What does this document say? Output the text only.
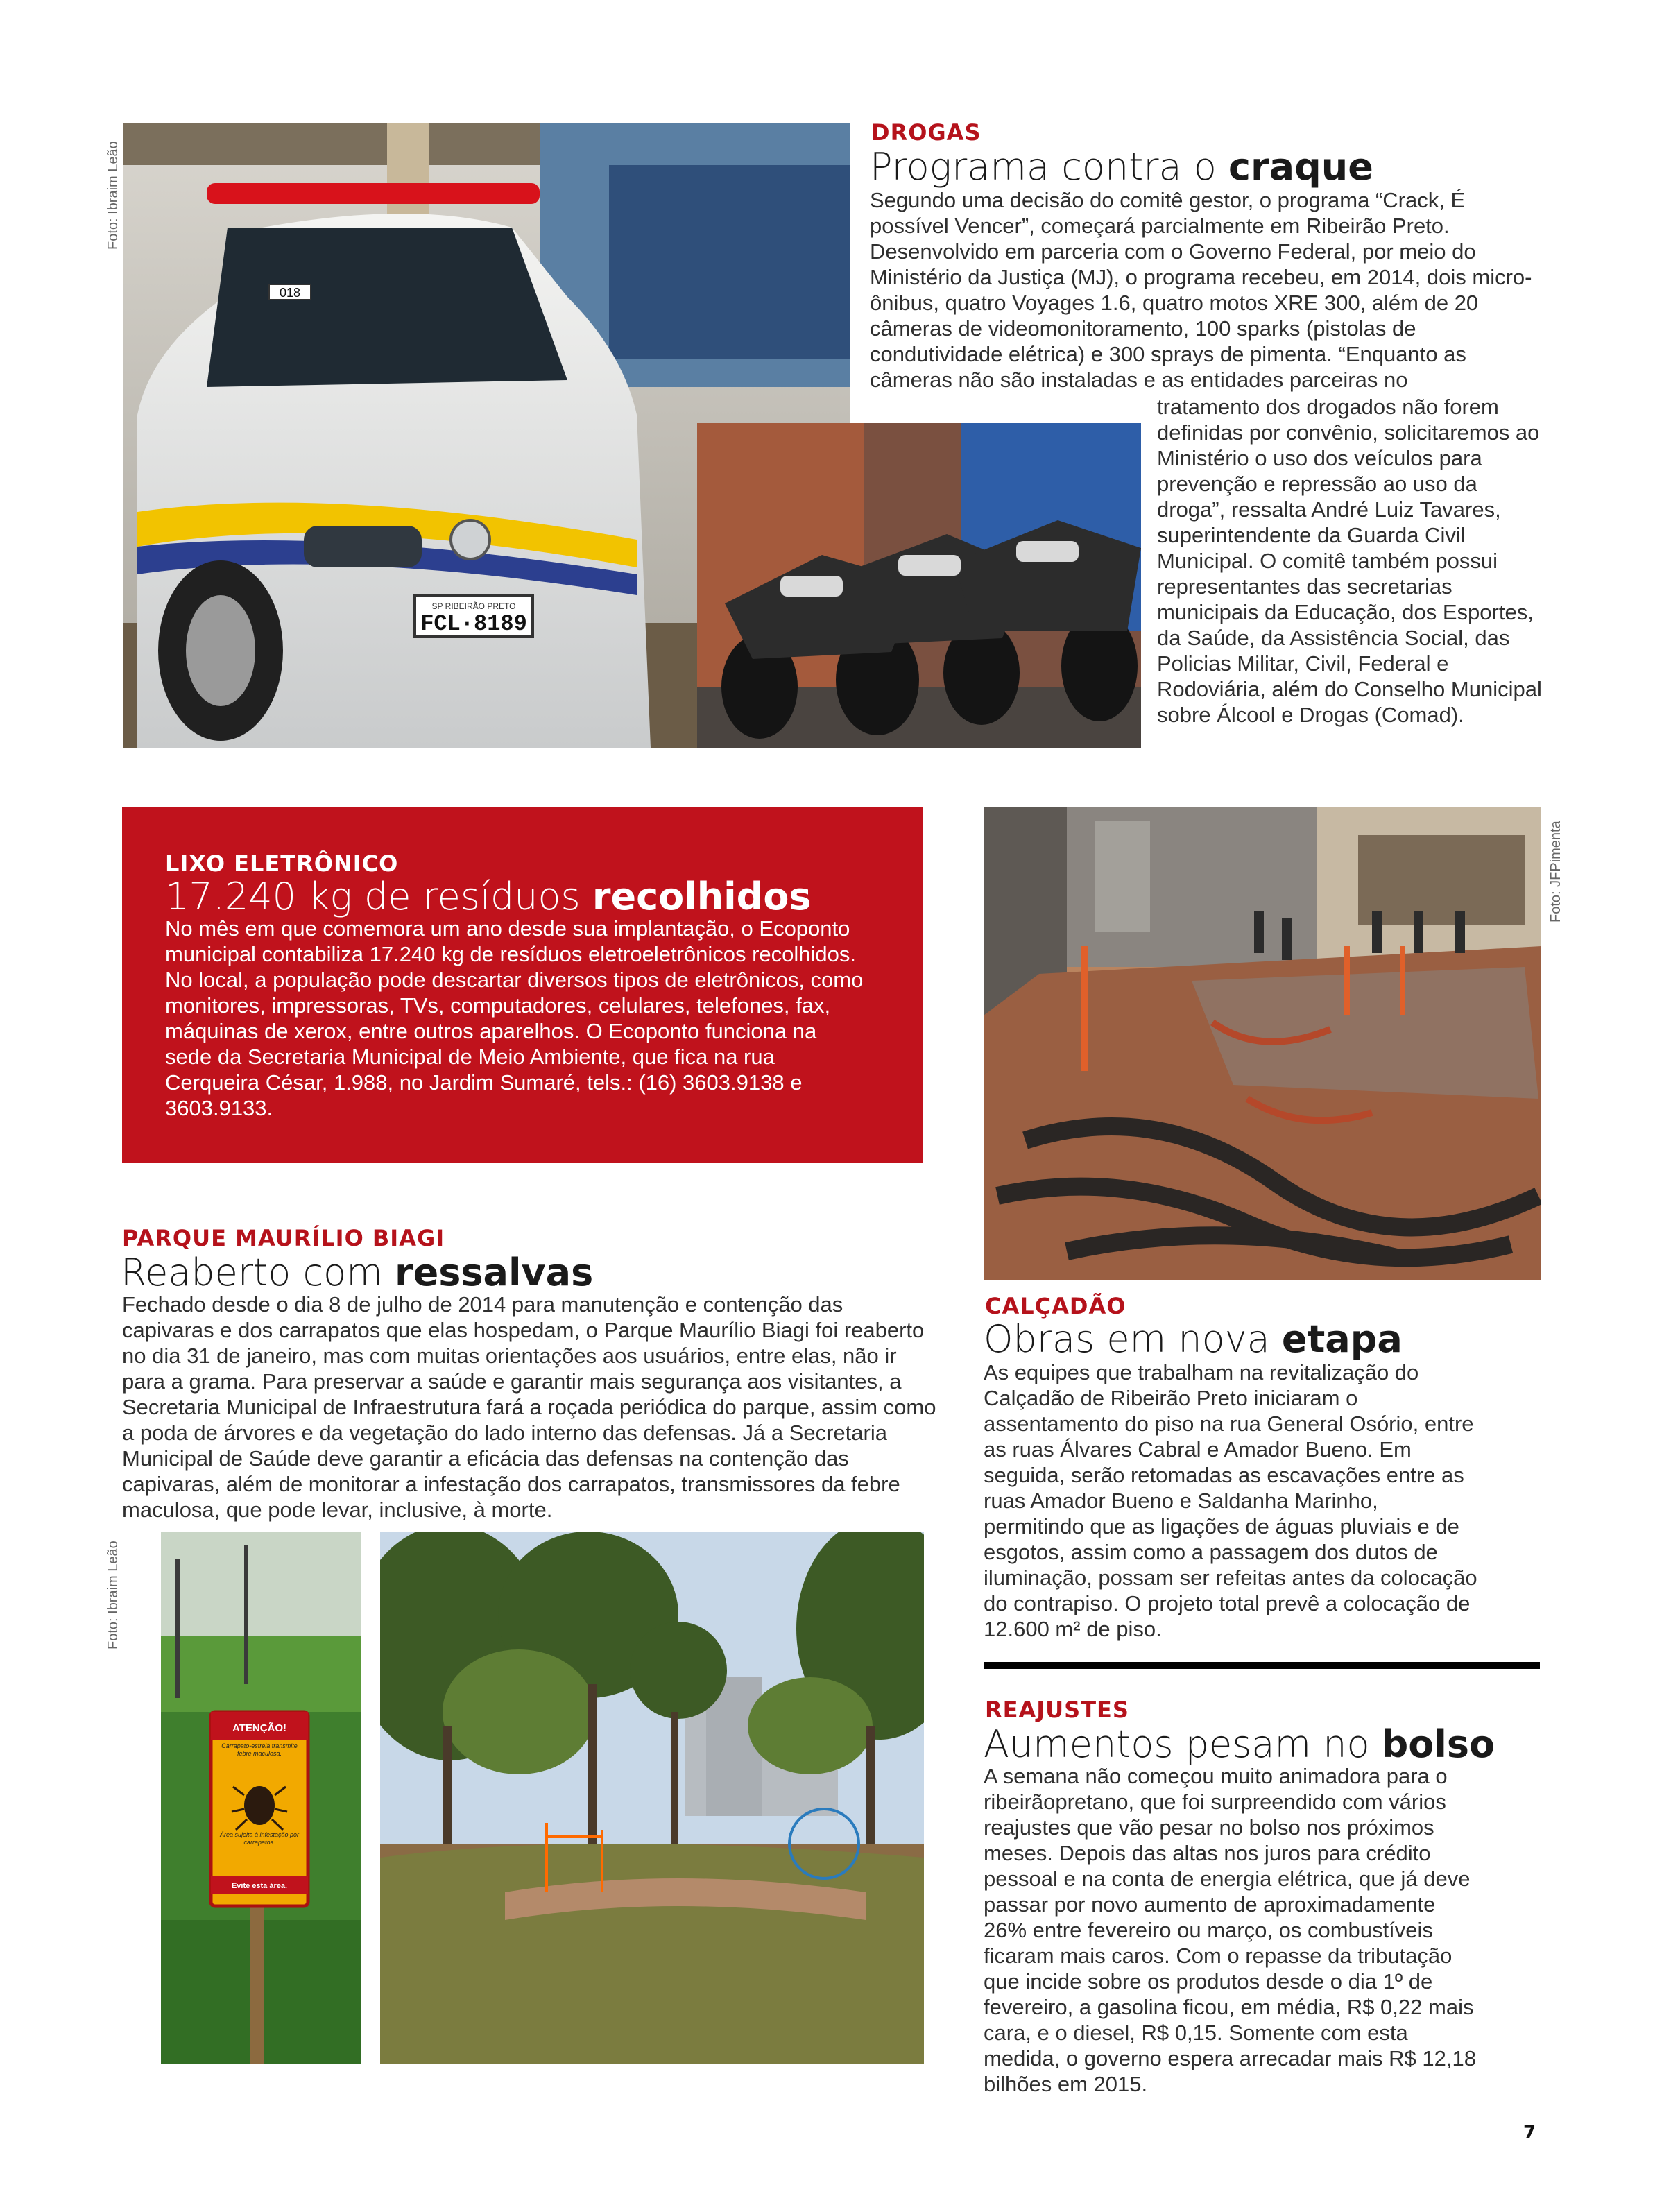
Foto: Ibraim Leão
SP RIBEIRÃO PRETO
FCL·8189
018
DROGAS
Programa contra o craque
Segundo uma decisão do comitê gestor, o programa “Crack, É possível Vencer”, começará parcialmente em Ribeirão Preto. Desenvolvido em parceria com o Governo Federal, por meio do Ministério da Justiça (MJ), o programa recebeu, em 2014, dois micro-ônibus, quatro Voyages 1.6, quatro motos XRE 300, além de 20 câmeras de videomonitoramento, 100 sparks (pistolas de condutividade elétrica) e 300 sprays de pimenta. “Enquanto as câmeras não são instaladas e as entidades parceiras no
tratamento dos drogados não forem definidas por convênio, solicitaremos ao Ministério o uso dos veículos para prevenção e repressão ao uso da droga”, ressalta André Luiz Tavares, superintendente da Guarda Civil Municipal. O comitê também possui representantes das secretarias municipais da Educação, dos Esportes, da Saúde, da Assistência Social, das Policias Militar, Civil, Federal e Rodoviária, além do Conselho Municipal sobre Álcool e Drogas (Comad).
LIXO ELETRÔNICO
17.240 kg de resíduos recolhidos
No mês em que comemora um ano desde sua implantação, o Ecoponto municipal contabiliza 17.240 kg de resíduos eletroeletrônicos recolhidos. No local, a população pode descartar diversos tipos de eletrônicos, como monitores, impressoras, TVs, computadores, celulares, telefones, fax, máquinas de xerox, entre outros aparelhos. O Ecoponto funciona na sede da Secretaria Municipal de Meio Ambiente, que fica na rua Cerqueira César, 1.988, no Jardim Sumaré, tels.: (16) 3603.9138 e 3603.9133.
Foto: JFPimenta
CALÇADÃO
Obras em nova etapa
As equipes que trabalham na revitalização do Calçadão de Ribeirão Preto iniciaram o assentamento do piso na rua General Osório, entre as ruas Álvares Cabral e Amador Bueno. Em seguida, serão retomadas as escavações entre as ruas Amador Bueno e Saldanha Marinho, permitindo que as ligações de águas pluviais e de esgotos, assim como a passagem dos dutos de iluminação, possam ser refeitas antes da colocação do contrapiso. O projeto total prevê a colocação de 12.600 m² de piso.
PARQUE MAURÍLIO BIAGI
Reaberto com ressalvas
Fechado desde o dia 8 de julho de 2014 para manutenção e contenção das capivaras e dos carrapatos que elas hospedam, o Parque Maurílio Biagi foi reaberto no dia 31 de janeiro, mas com muitas orientações aos usuários, entre elas, não ir para a grama. Para preservar a saúde e garantir mais segurança aos visitantes, a Secretaria Municipal de Infraestrutura fará a roçada periódica do parque, assim como a poda de árvores e da vegetação do lado interno das defensas. Já a Secretaria Municipal de Saúde deve garantir a eficácia das defensas na contenção das capivaras, além de monitorar a infestação dos carrapatos, transmissores da febre maculosa, que pode levar, inclusive, à morte.
Foto: Ibraim Leão
ATENÇÃO!
Carrapato-estrela transmite febre maculosa.
Área sujeita à infestação por carrapatos.
Evite esta área.
REAJUSTES
Aumentos pesam no bolso
A semana não começou muito animadora para o ribeirãopretano, que foi surpreendido com vários reajustes que vão pesar no bolso nos próximos meses. Depois das altas nos juros para crédito pessoal e na conta de energia elétrica, que já deve passar por novo aumento de aproximadamente 26% entre fevereiro ou março, os combustíveis ficaram mais caros. Com o repasse da tributação que incide sobre os produtos desde o dia 1º de fevereiro, a gasolina ficou, em média, R$ 0,22 mais cara, e o diesel, R$ 0,15. Somente com esta medida, o governo espera arrecadar mais R$ 12,18 bilhões em 2015.
7
